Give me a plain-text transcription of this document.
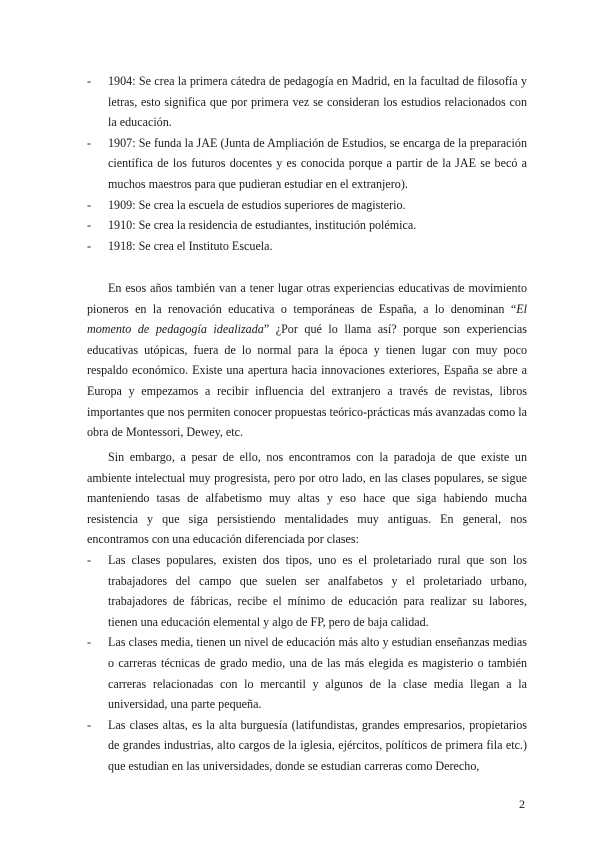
- 1904: Se crea la primera cátedra de pedagogía en Madrid, en la facultad de filosofía y letras, esto significa que por primera vez se consideran los estudios relacionados con la educación.
- 1907: Se funda la JAE (Junta de Ampliación de Estudios, se encarga de la preparación científica de los futuros docentes y es conocida porque a partir de la JAE se becó a muchos maestros para que pudieran estudiar en el extranjero).
- 1909: Se crea la escuela de estudios superiores de magisterio.
- 1910: Se crea la residencia de estudiantes, institución polémica.
- 1918: Se crea el Instituto Escuela.
En esos años también van a tener lugar otras experiencias educativas de movimiento pioneros en la renovación educativa o temporáneas de España, a lo denominan “El momento de pedagogía idealizada” ¿Por qué lo llama así? porque son experiencias educativas utópicas, fuera de lo normal para la época y tienen lugar con muy poco respaldo económico. Existe una apertura hacia innovaciones exteriores, España se abre a Europa y empezamos a recibir influencia del extranjero a través de revistas, libros importantes que nos permiten conocer propuestas teórico-prácticas más avanzadas como la obra de Montessori, Dewey, etc.
Sin embargo, a pesar de ello, nos encontramos con la paradoja de que existe un ambiente intelectual muy progresista, pero por otro lado, en las clases populares, se sigue manteniendo tasas de alfabetismo muy altas y eso hace que siga habiendo mucha resistencia y que siga persistiendo mentalidades muy antiguas. En general, nos encontramos con una educación diferenciada por clases:
- Las clases populares, existen dos tipos, uno es el proletariado rural que son los trabajadores del campo que suelen ser analfabetos y el proletariado urbano, trabajadores de fábricas, recibe el mínimo de educación para realizar su labores, tienen una educación elemental y algo de FP, pero de baja calidad.
- Las clases media, tienen un nivel de educación más alto y estudian enseñanzas medias o carreras técnicas de grado medio, una de las más elegida es magisterio o también carreras relacionadas con lo mercantil y algunos de la clase media llegan a la universidad, una parte pequeña.
- Las clases altas, es la alta burguesía (latifundistas, grandes empresarios, propietarios de grandes industrias, alto cargos de la iglesia, ejércitos, políticos de primera fila etc.) que estudian en las universidades, donde se estudian carreras como Derecho,
2
